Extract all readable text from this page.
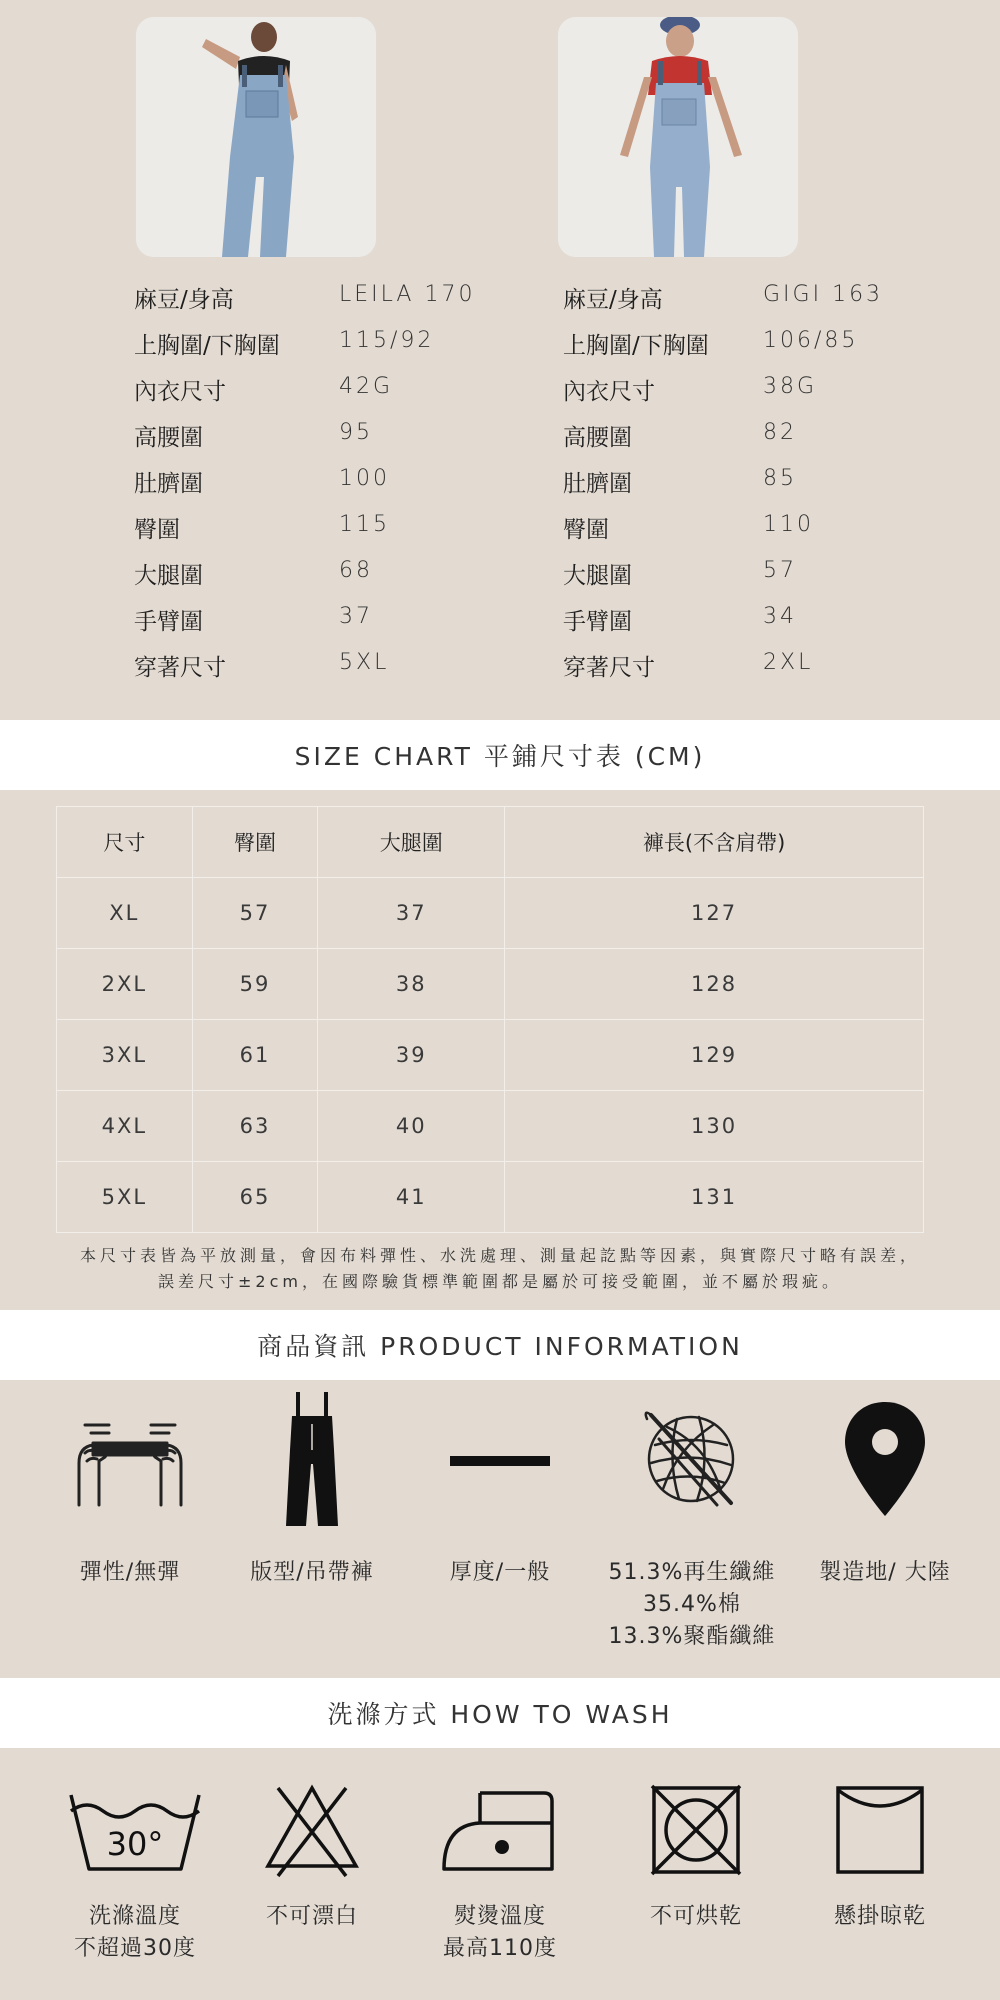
麻豆/身高	LEILA 170
上胸圍/下胸圍	115/92
內衣尺寸	42G
高腰圍	95
肚臍圍	100
臀圍	115
大腿圍	68
手臂圍	37
穿著尺寸	5XL
麻豆/身高	GIGI 163
上胸圍/下胸圍 106/85
內衣尺寸	38G
高腰圍	82
肚臍圍	85
臀圍	110
大腿圍	57
手臂圍	34
穿著尺寸	2XL
SIZE CHART 平鋪尺寸表 (CM)
尺寸	臀圍	大腿圍	褲長(不含肩帶)
XL	57	37	127
2XL	59	38	128
3XL	61	39	129
4XL	63	40	130
5XL	65	41	131
本尺寸表皆為平放測量，會因布料彈性、水洗處理、測量起訖點等因素，與實際尺寸略有誤差，
誤差尺寸±2cm，在國際驗貨標準範圍都是屬於可接受範圍，並不屬於瑕疵。
商品資訊 PRODUCT INFORMATION
彈性/無彈	版型/吊帶褲	厚度/一般	51.3%再生纖維
35.4%棉
13.3%聚酯纖維
製造地/ 大陸
洗滌方式 HOW TO WASH
30°
洗滌溫度
不超過30度
不可漂白	熨燙溫度
最高110度
不可烘乾	懸掛晾乾
